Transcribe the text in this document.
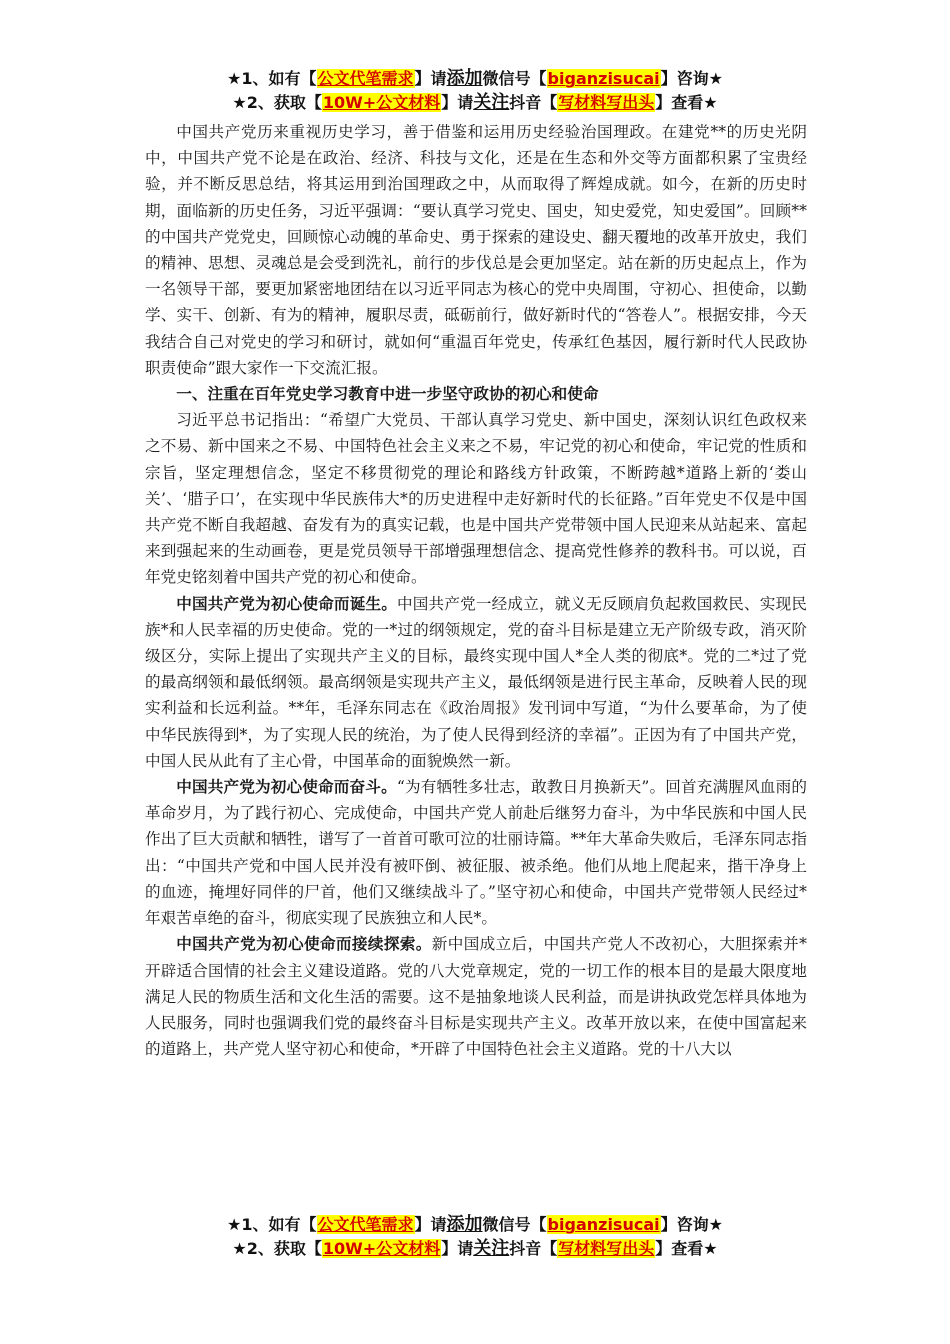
★1、如有【公文代笔需求】请添加微信号【biganzisucai】咨询★
★2、获取【10W+公文材料】请关注抖音【写材料写出头】查看★

中国共产党历来重视历史学习，善于借鉴和运用历史经验治国理政。在建党**的历史光阴中，中国共产党不论是在政治、经济、科技与文化，还是在生态和外交等方面都积累了宝贵经验，并不断反思总结，将其运用到治国理政之中，从而取得了辉煌成就。如今，在新的历史时期，面临新的历史任务，习近平强调：“要认真学习党史、国史，知史爱党，知史爱国”。回顾**的中国共产党党史，回顾惊心动魄的革命史、勇于探索的建设史、翻天覆地的改革开放史，我们的精神、思想、灵魂总是会受到洗礼，前行的步伐总是会更加坚定。站在新的历史起点上，作为一名领导干部，要更加紧密地团结在以习近平同志为核心的党中央周围，守初心、担使命，以勤学、实干、创新、有为的精神，履职尽责，砥砺前行，做好新时代的“答卷人”。根据安排，今天我结合自己对党史的学习和研讨，就如何“重温百年党史，传承红色基因，履行新时代人民政协职责使命”跟大家作一下交流汇报。

一、注重在百年党史学习教育中进一步坚守政协的初心和使命

习近平总书记指出：“希望广大党员、干部认真学习党史、新中国史，深刻认识红色政权来之不易、新中国来之不易、中国特色社会主义来之不易，牢记党的初心和使命，牢记党的性质和宗旨，坚定理想信念，坚定不移贯彻党的理论和路线方针政策，不断跨越*道路上新的‘娄山关’、‘腊子口’，在实现中华民族伟大*的历史进程中走好新时代的长征路。”百年党史不仅是中国共产党不断自我超越、奋发有为的真实记载，也是中国共产党带领中国人民迎来从站起来、富起来到强起来的生动画卷，更是党员领导干部增强理想信念、提高党性修养的教科书。可以说，百年党史铭刻着中国共产党的初心和使命。

中国共产党为初心使命而诞生。中国共产党一经成立，就义无反顾肩负起救国救民、实现民族*和人民幸福的历史使命。党的一*过的纲领规定，党的奋斗目标是建立无产阶级专政，消灭阶级区分，实际上提出了实现共产主义的目标，最终实现中国人*全人类的彻底*。党的二*过了党的最高纲领和最低纲领。最高纲领是实现共产主义，最低纲领是进行民主革命，反映着人民的现实利益和长远利益。**年，毛泽东同志在《政治周报》发刊词中写道，“为什么要革命，为了使中华民族得到*，为了实现人民的统治，为了使人民得到经济的幸福”。正因为有了中国共产党，中国人民从此有了主心骨，中国革命的面貌焕然一新。

中国共产党为初心使命而奋斗。“为有牺牲多壮志，敢教日月换新天”。回首充满腥风血雨的革命岁月，为了践行初心、完成使命，中国共产党人前赴后继努力奋斗，为中华民族和中国人民作出了巨大贡献和牺牲，谱写了一首首可歌可泣的壮丽诗篇。**年大革命失败后，毛泽东同志指出：“中国共产党和中国人民并没有被吓倒、被征服、被杀绝。他们从地上爬起来，揩干净身上的血迹，掩埋好同伴的尸首，他们又继续战斗了。”坚守初心和使命，中国共产党带领人民经过*年艰苦卓绝的奋斗，彻底实现了民族独立和人民*。

中国共产党为初心使命而接续探索。新中国成立后，中国共产党人不改初心，大胆探索并*开辟适合国情的社会主义建设道路。党的八大党章规定，党的一切工作的根本目的是最大限度地满足人民的物质生活和文化生活的需要。这不是抽象地谈人民利益，而是讲执政党怎样具体地为人民服务，同时也强调我们党的最终奋斗目标是实现共产主义。改革开放以来，在使中国富起来的道路上，共产党人坚守初心和使命，*开辟了中国特色社会主义道路。党的十八大以

★1、如有【公文代笔需求】请添加微信号【biganzisucai】咨询★
★2、获取【10W+公文材料】请关注抖音【写材料写出头】查看★
